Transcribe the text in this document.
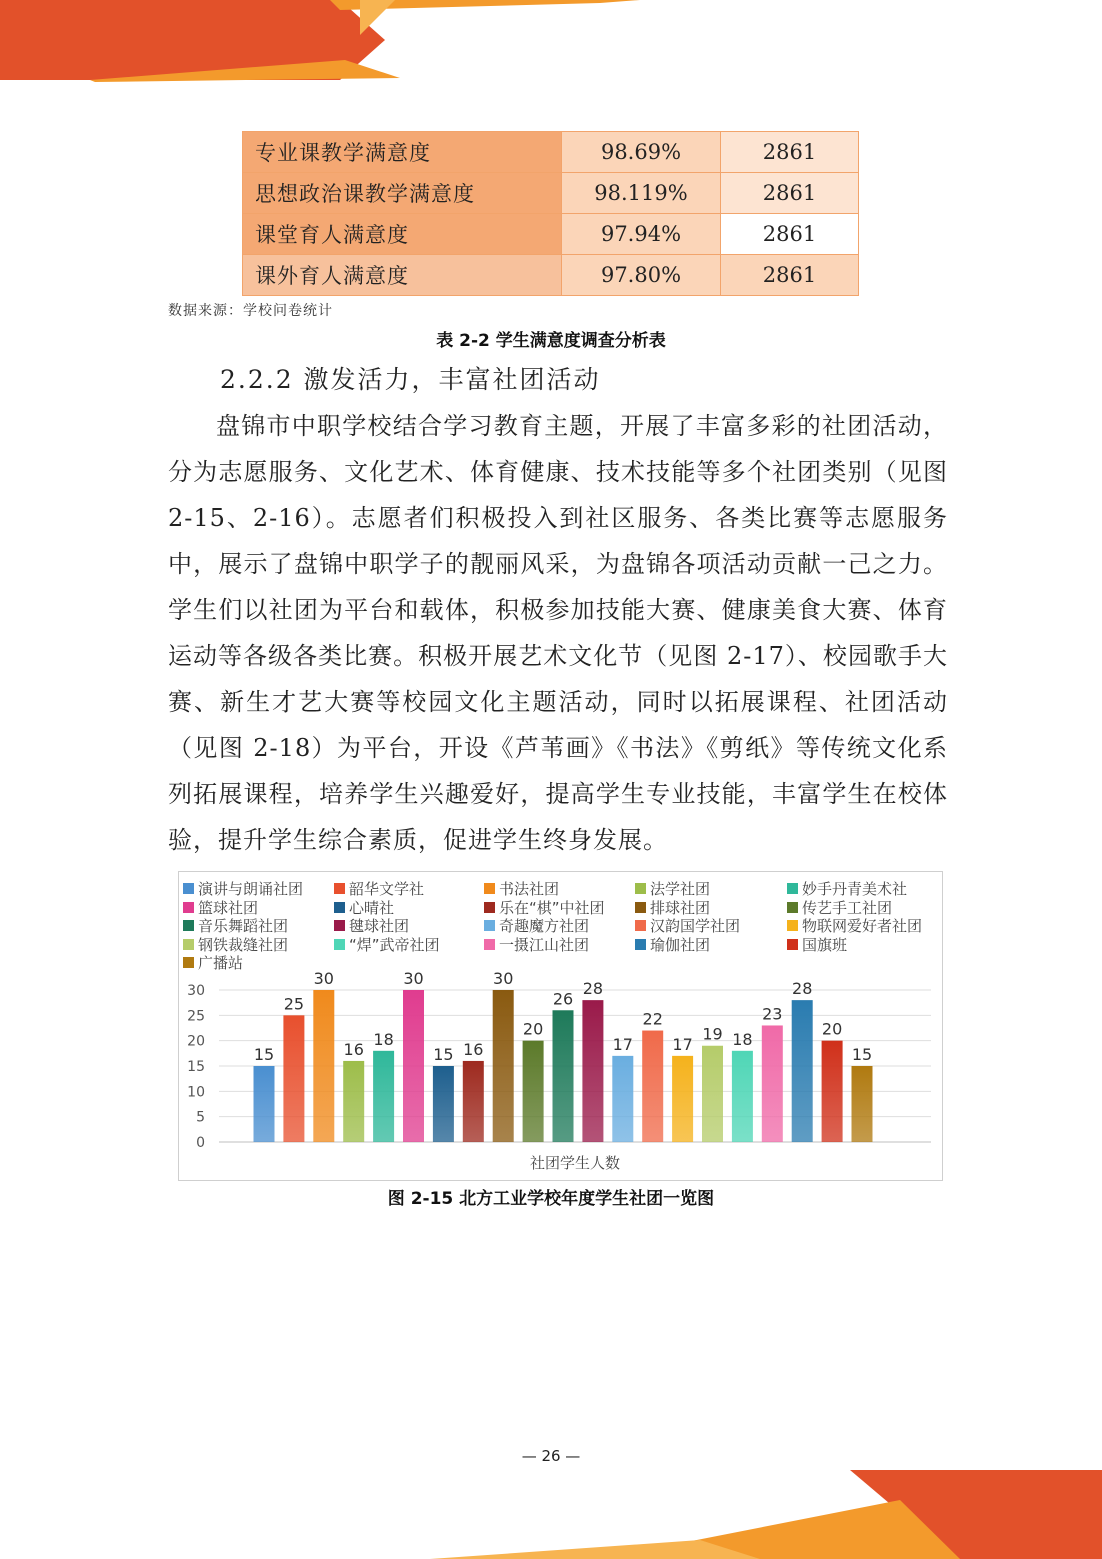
专业课教学满意度	98.69%	2861
思想政治课教学满意度	98.119%	2861
课堂育人满意度	97.94%	2861
课外育人满意度	97.80%	2861
数据来源：学校问卷统计
表 2-2 学生满意度调查分析表
2.2.2 激发活力，丰富社团活动

盘锦市中职学校结合学习教育主题，开展了丰富多彩的社团活动，分为志愿服务、文化艺术、体育健康、技术技能等多个社团类别（见图 2-15、2-16）。志愿者们积极投入到社区服务、各类比赛等志愿服务中，展示了盘锦中职学子的靓丽风采，为盘锦各项活动贡献一己之力。学生们以社团为平台和载体，积极参加技能大赛、健康美食大赛、体育运动等各级各类比赛。积极开展艺术文化节（见图 2-17）、校园歌手大赛、新生才艺大赛等校园文化主题活动，同时以拓展课程、社团活动（见图 2-18）为平台，开设《芦苇画》《书法》《剪纸》等传统文化系列拓展课程，培养学生兴趣爱好，提高学生专业技能，丰富学生在校体验，提升学生综合素质，促进学生终身发展。

演讲与朗诵社团	韶华文学社	书法社团	法学社团	妙手丹青美术社
篮球社团	心晴社	乐在“棋”中社团	排球社团	传艺手工社团
音乐舞蹈社团	毽球社团	奇趣魔方社团	汉韵国学社团	物联网爱好者社团
钢铁裁缝社团	“焊”武帝社团	一摄江山社团	瑜伽社团	国旗班
广播站
0
5
10
15
20
25
30
15
25
30
16
18
30
15 16
30
20
26
28
17
22
17
19 18
23
28
20
15
社团学生人数
图 2-15 北方工业学校年度学生社团一览图
— 26 —
